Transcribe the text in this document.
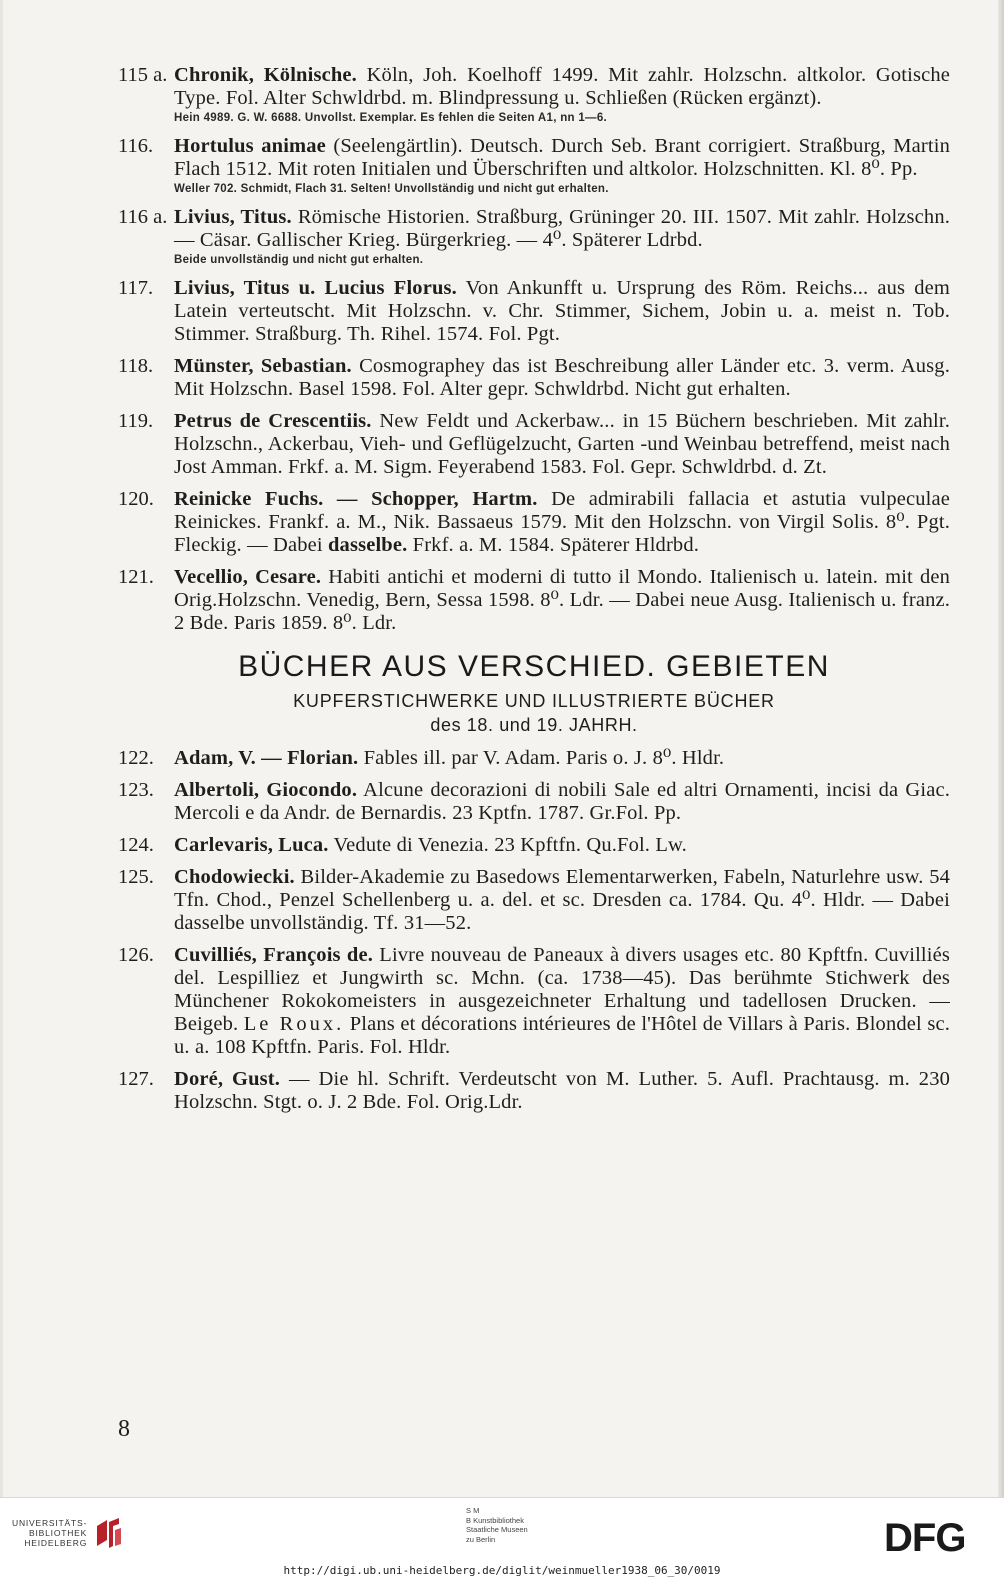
115 a. Chronik, Kölnische. Köln, Joh. Koelhoff 1499. Mit zahlr. Holzschn. altkolor. Gotische Type. Fol. Alter Schwldrbd. m. Blindpressung u. Schließen (Rücken ergänzt).
Hein 4989. G. W. 6688. Unvollst. Exemplar. Es fehlen die Seiten A1, nn 1—6.
116. Hortulus animae (Seelengärtlin). Deutsch. Durch Seb. Brant corrigiert. Straßburg, Martin Flach 1512. Mit roten Initialen und Überschriften und altkolor. Holzschnitten. Kl. 8⁰. Pp.
Weller 702. Schmidt, Flach 31. Selten! Unvollständig und nicht gut erhalten.
116 a. Livius, Titus. Römische Historien. Straßburg, Grüninger 20. III. 1507. Mit zahlr. Holzschn. — Cäsar. Gallischer Krieg. Bürgerkrieg. — 4⁰. Späterer Ldrbd.
Beide unvollständig und nicht gut erhalten.
117. Livius, Titus u. Lucius Florus. Von Ankunfft u. Ursprung des Röm. Reichs... aus dem Latein verteutscht. Mit Holzschn. v. Chr. Stimmer, Sichem, Jobin u. a. meist n. Tob. Stimmer. Straßburg. Th. Rihel. 1574. Fol. Pgt.
118. Münster, Sebastian. Cosmographey das ist Beschreibung aller Länder etc. 3. verm. Ausg. Mit Holzschn. Basel 1598. Fol. Alter gepr. Schwldrbd. Nicht gut erhalten.
119. Petrus de Crescentiis. New Feldt und Ackerbaw... in 15 Büchern beschrieben. Mit zahlr. Holzschn., Ackerbau, Vieh- und Geflügelzucht, Garten -und Weinbau betreffend, meist nach Jost Amman. Frkf. a. M. Sigm. Feyerabend 1583. Fol. Gepr. Schwldrbd. d. Zt.
120. Reinicke Fuchs. — Schopper, Hartm. De admirabili fallacia et astutia vulpeculae Reinickes. Frankf. a. M., Nik. Bassaeus 1579. Mit den Holzschn. von Virgil Solis. 8⁰. Pgt. Fleckig. — Dabei dasselbe. Frkf. a. M. 1584. Späterer Hldrbd.
121. Vecellio, Cesare. Habiti antichi et moderni di tutto il Mondo. Italienisch u. latein. mit den Orig.Holzschn. Venedig, Bern, Sessa 1598. 8⁰. Ldr. — Dabei neue Ausg. Italienisch u. franz. 2 Bde. Paris 1859. 8⁰. Ldr.
BÜCHER AUS VERSCHIED. GEBIETEN
KUPFERSTICHWERKE UND ILLUSTRIERTE BÜCHER
des 18. und 19. JAHRH.
122. Adam, V. — Florian. Fables ill. par V. Adam. Paris o. J. 8⁰. Hldr.
123. Albertoli, Giocondo. Alcune decorazioni di nobili Sale ed altri Ornamenti, incisi da Giac. Mercoli e da Andr. de Bernardis. 23 Kptfn. 1787. Gr.Fol. Pp.
124. Carlevaris, Luca. Vedute di Venezia. 23 Kpftfn. Qu.Fol. Lw.
125. Chodowiecki. Bilder-Akademie zu Basedows Elementarwerken, Fabeln, Naturlehre usw. 54 Tfn. Chod., Penzel Schellenberg u. a. del. et sc. Dresden ca. 1784. Qu. 4⁰. Hldr. — Dabei dasselbe unvollständig. Tf. 31—52.
126. Cuvilliés, François de. Livre nouveau de Paneaux à divers usages etc. 80 Kpftfn. Cuvilliés del. Lespilliez et Jungwirth sc. Mchn. (ca. 1738—45). Das berühmte Stichwerk des Münchener Rokokomeisters in ausgezeichneter Erhaltung und tadellosen Drucken. — Beigeb. Le Roux. Plans et décorations intérieures de l'Hôtel de Villars à Paris. Blondel sc. u. a. 108 Kpftfn. Paris. Fol. Hldr.
127. Doré, Gust. — Die hl. Schrift. Verdeutscht von M. Luther. 5. Aufl. Prachtausg. m. 230 Holzschn. Stgt. o. J. 2 Bde. Fol. Orig.Ldr.
8
UNIVERSITÄTS-
BIBLIOTHEK
HEIDELBERG
S M
B Kunstbibliothek
Staatliche Museen
zu Berlin	DFG
http://digi.ub.uni-heidelberg.de/diglit/weinmueller1938_06_30/0019
